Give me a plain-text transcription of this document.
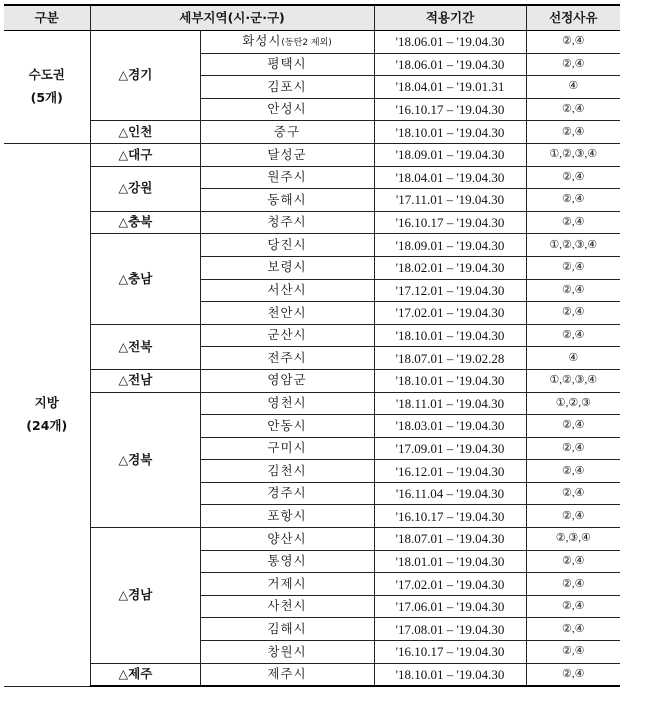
구분	세부지역(시·군·구)		적용기간	선정사유

수도권
(5개)	△경기	화성시(동탄2 제외)	'18.06.01 – '19.04.30	②,④
		평택시	'18.06.01 – '19.04.30	②,④
		김포시	'18.04.01 – '19.01.31	④
		안성시	'16.10.17 – '19.04.30	②,④
	△인천	중구	'18.10.01 – '19.04.30	②,④

지방
(24개)	△대구	달성군	'18.09.01 – '19.04.30	①,②,③,④
	△강원	원주시	'18.04.01 – '19.04.30	②,④
		동해시	'17.11.01 – '19.04.30	②,④
	△충북	청주시	'16.10.17 – '19.04.30	②,④
	△충남	당진시	'18.09.01 – '19.04.30	①,②,③,④
		보령시	'18.02.01 – '19.04.30	②,④
		서산시	'17.12.01 – '19.04.30	②,④
		천안시	'17.02.01 – '19.04.30	②,④
	△전북	군산시	'18.10.01 – '19.04.30	②,④
		전주시	'18.07.01 – '19.02.28	④
	△전남	영암군	'18.10.01 – '19.04.30	①,②,③,④
	△경북	영천시	'18.11.01 – '19.04.30	①,②,③
		안동시	'18.03.01 – '19.04.30	②,④
		구미시	'17.09.01 – '19.04.30	②,④
		김천시	'16.12.01 – '19.04.30	②,④
		경주시	'16.11.04 – '19.04.30	②,④
		포항시	'16.10.17 – '19.04.30	②,④
	△경남	양산시	'18.07.01 – '19.04.30	②,③,④
		통영시	'18.01.01 – '19.04.30	②,④
		거제시	'17.02.01 – '19.04.30	②,④
		사천시	'17.06.01 – '19.04.30	②,④
		김해시	'17.08.01 – '19.04.30	②,④
		창원시	'16.10.17 – '19.04.30	②,④
	△제주	제주시	'18.10.01 – '19.04.30	②,④
